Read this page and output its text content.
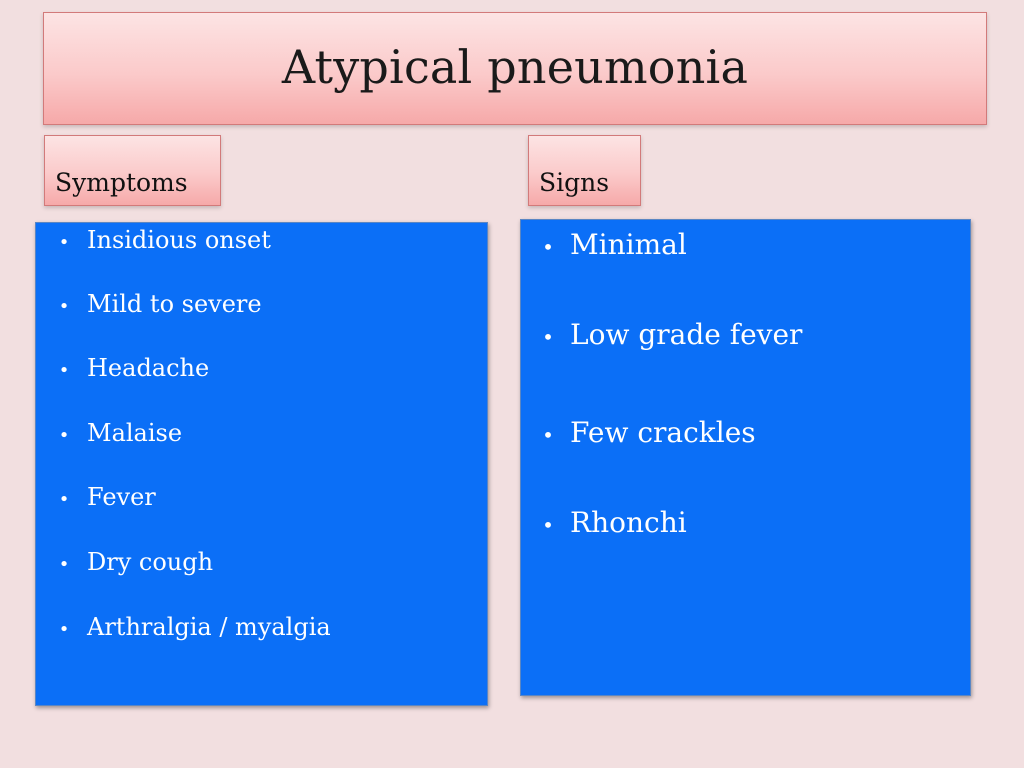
Atypical pneumonia
Symptoms	Signs
• Insidious onset
• Mild to severe
• Headache
• Malaise
• Fever
• Dry cough
• Arthralgia / myalgia
• Minimal
• Low grade fever
• Few crackles
• Rhonchi
